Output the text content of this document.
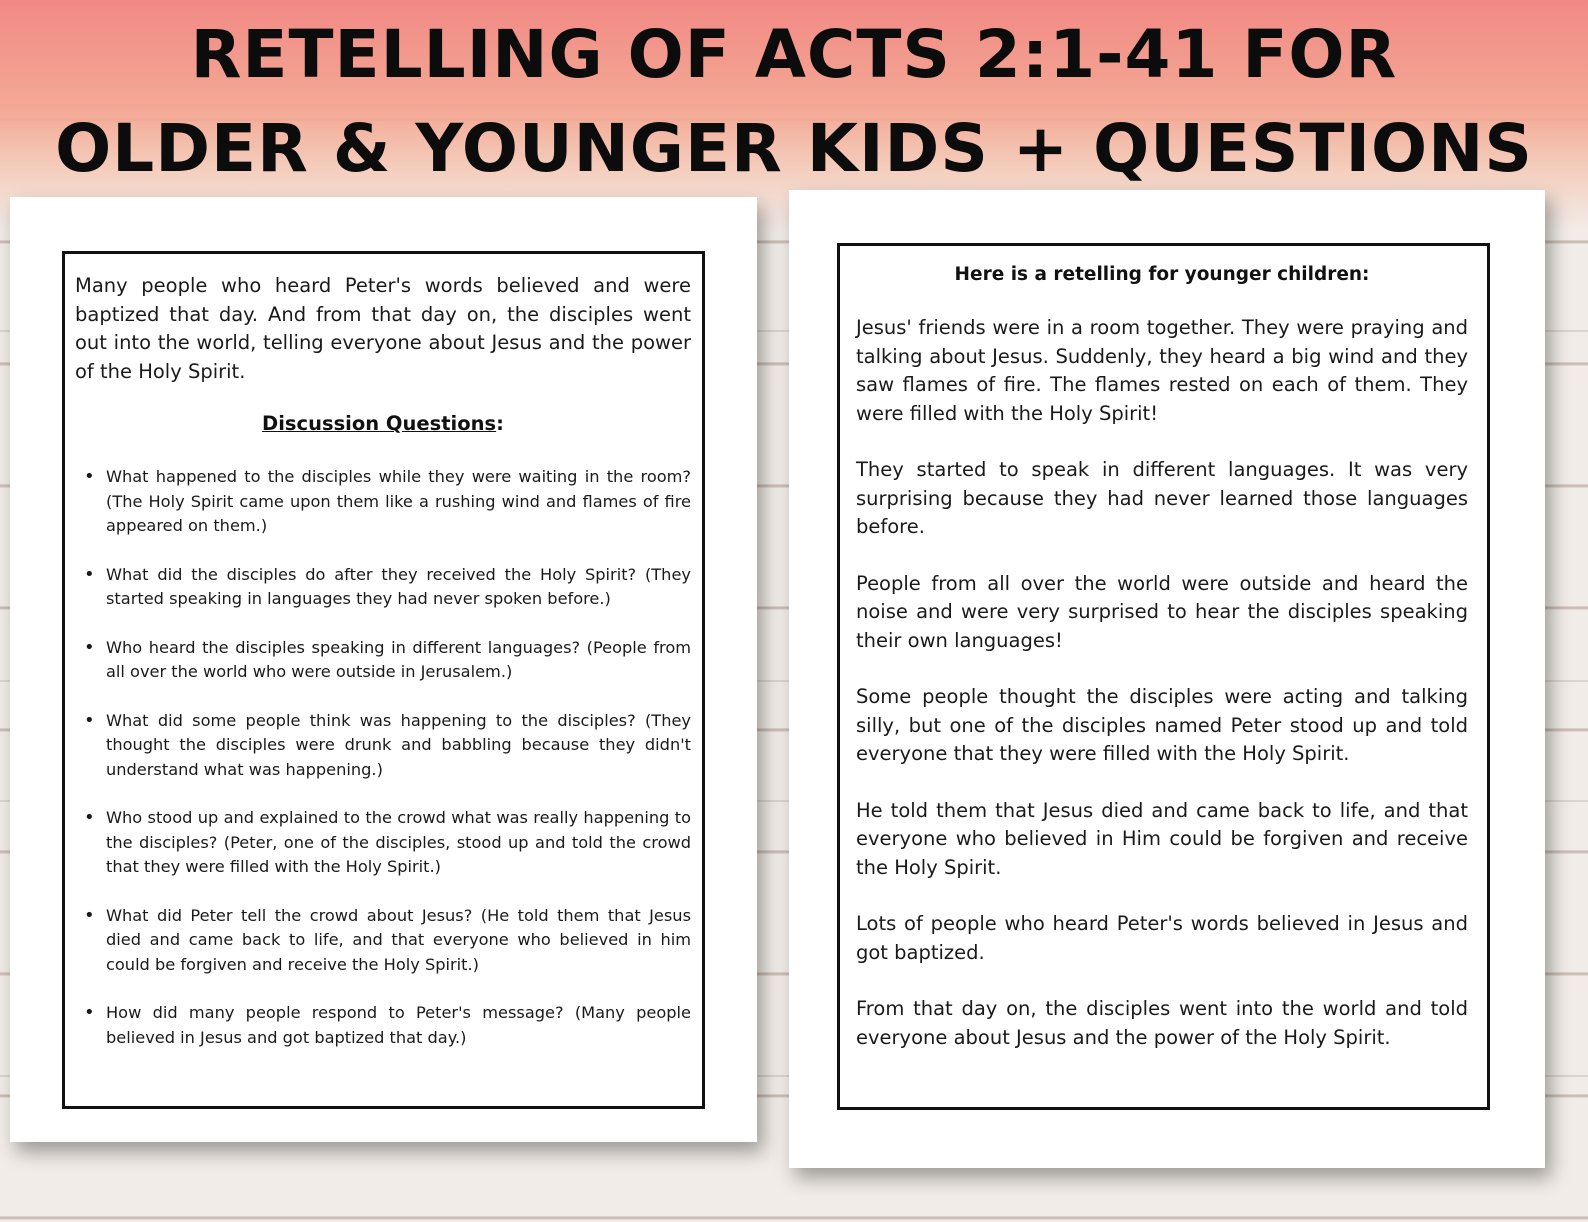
RETELLING OF ACTS 2:1-41 FOR
OLDER & YOUNGER KIDS + QUESTIONS

Many people who heard Peter's words believed and were baptized that day. And from that day on, the disciples went out into the world, telling everyone about Jesus and the power of the Holy Spirit.

Discussion Questions:
• What happened to the disciples while they were waiting in the room? (The Holy Spirit came upon them like a rushing wind and flames of fire appeared on them.)
• What did the disciples do after they received the Holy Spirit? (They started speaking in languages they had never spoken before.)
• Who heard the disciples speaking in different languages? (People from all over the world who were outside in Jerusalem.)
• What did some people think was happening to the disciples? (They thought the disciples were drunk and babbling because they didn't understand what was happening.)
• Who stood up and explained to the crowd what was really happening to the disciples? (Peter, one of the disciples, stood up and told the crowd that they were filled with the Holy Spirit.)
• What did Peter tell the crowd about Jesus? (He told them that Jesus died and came back to life, and that everyone who believed in him could be forgiven and receive the Holy Spirit.)
• How did many people respond to Peter's message? (Many people believed in Jesus and got baptized that day.)
Here is a retelling for younger children:

Jesus' friends were in a room together. They were praying and talking about Jesus. Suddenly, they heard a big wind and they saw flames of fire. The flames rested on each of them. They were filled with the Holy Spirit!

They started to speak in different languages. It was very surprising because they had never learned those languages before.

People from all over the world were outside and heard the noise and were very surprised to hear the disciples speaking their own languages!

Some people thought the disciples were acting and talking silly, but one of the disciples named Peter stood up and told everyone that they were filled with the Holy Spirit.

He told them that Jesus died and came back to life, and that everyone who believed in Him could be forgiven and receive the Holy Spirit.

Lots of people who heard Peter's words believed in Jesus and got baptized.

From that day on, the disciples went into the world and told everyone about Jesus and the power of the Holy Spirit.
